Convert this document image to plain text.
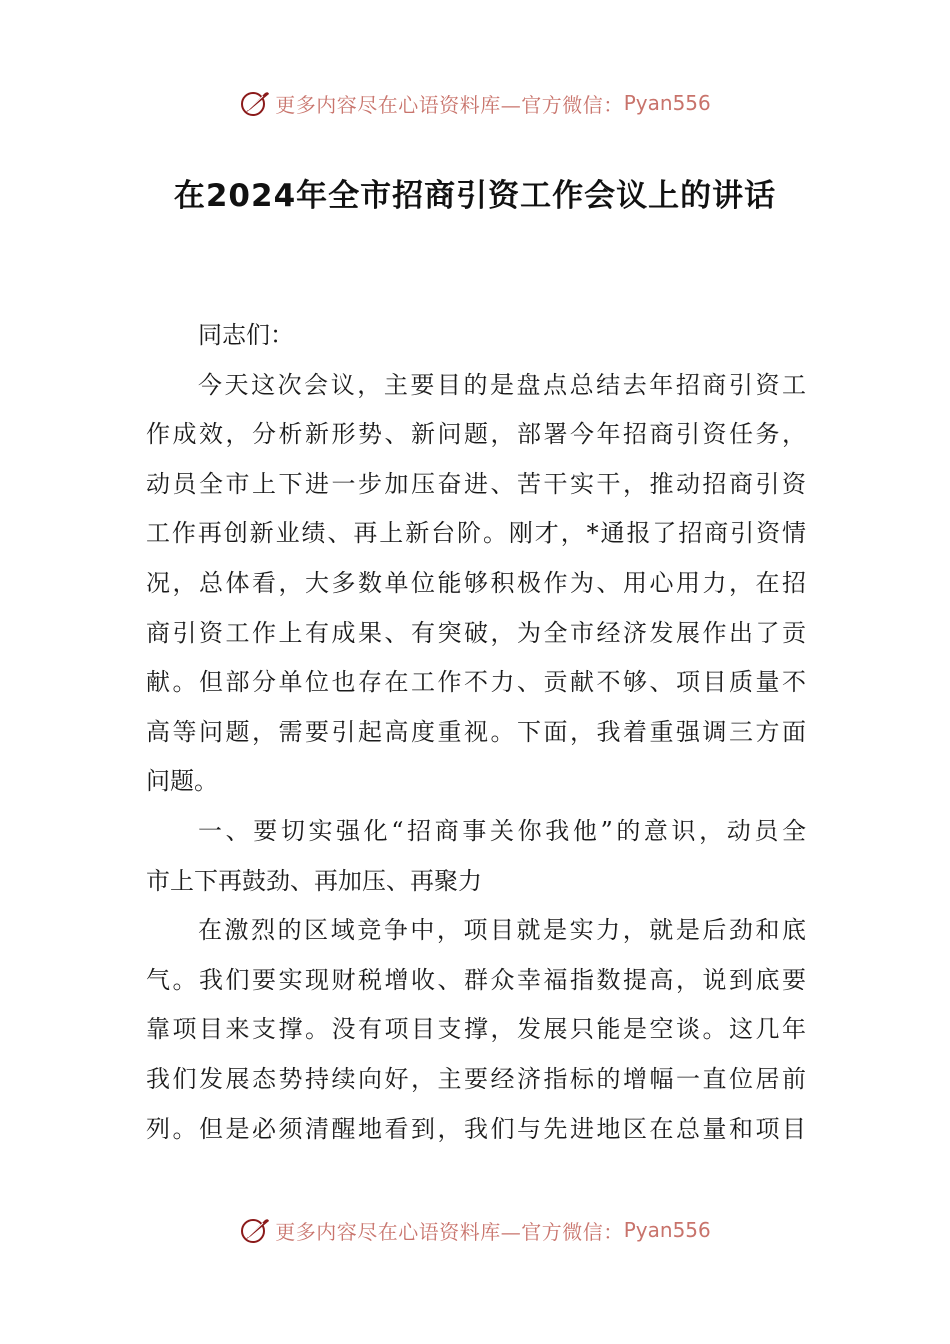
更多内容尽在心语资料库—官方微信： Pyan556
在2024年全市招商引资工作会议上的讲话
同志们：
今天这次会议，主要目的是盘点总结去年招商引资工
作成效，分析新形势、新问题，部署今年招商引资任务，
动员全市上下进一步加压奋进、苦干实干，推动招商引资
工作再创新业绩、再上新台阶。刚才，*通报了招商引资情
况，总体看，大多数单位能够积极作为、用心用力，在招
商引资工作上有成果、有突破，为全市经济发展作出了贡
献。但部分单位也存在工作不力、贡献不够、项目质量不
高等问题，需要引起高度重视。下面，我着重强调三方面
问题。
一、要切实强化“招商事关你我他”的意识，动员全
市上下再鼓劲、再加压、再聚力
在激烈的区域竞争中，项目就是实力，就是后劲和底
气。我们要实现财税增收、群众幸福指数提高，说到底要
靠项目来支撑。没有项目支撑，发展只能是空谈。这几年
我们发展态势持续向好，主要经济指标的增幅一直位居前
列。但是必须清醒地看到，我们与先进地区在总量和项目
更多内容尽在心语资料库—官方微信： Pyan556
